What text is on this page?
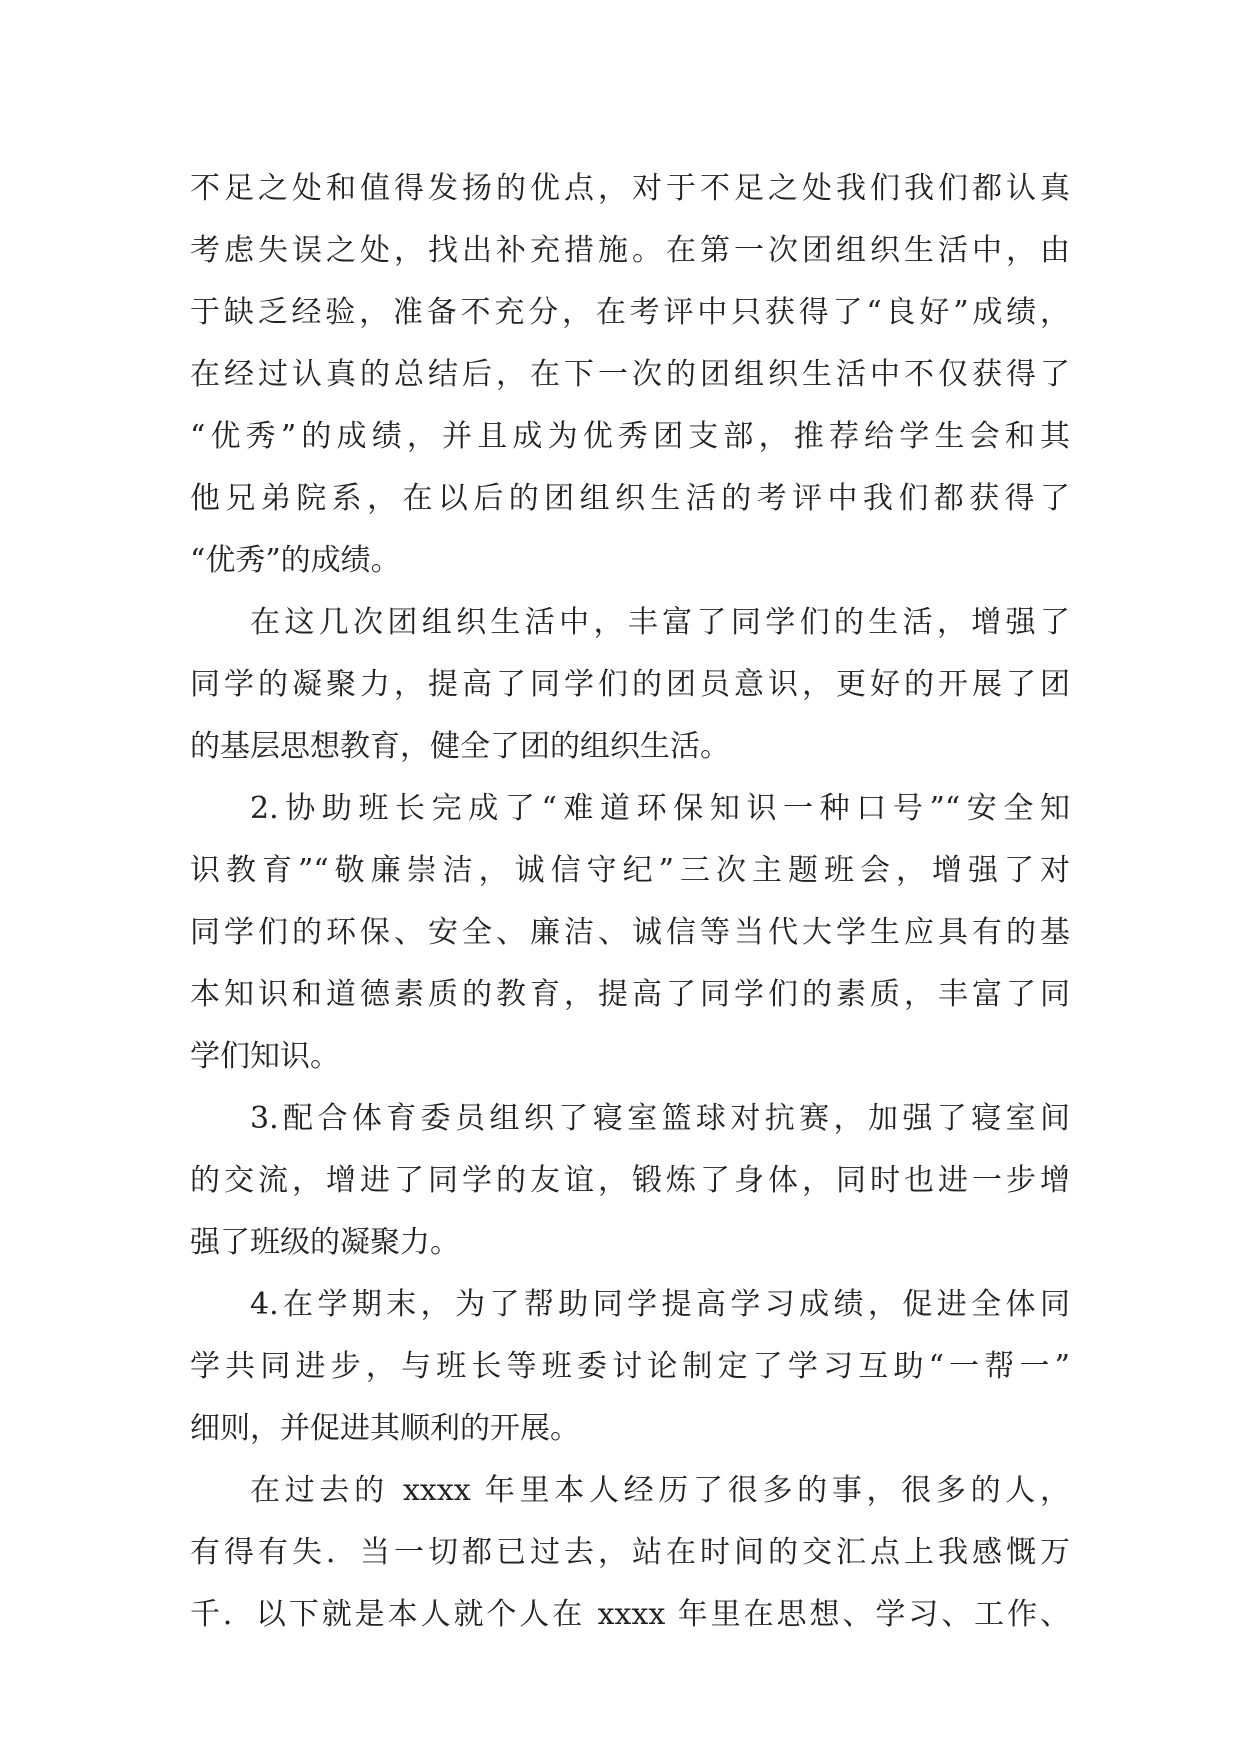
不足之处和值得发扬的优点，对于不足之处我们我们都认真
考虑失误之处，找出补充措施。在第一次团组织生活中，由
于缺乏经验，准备不充分，在考评中只获得了“良好”成绩，
在经过认真的总结后，在下一次的团组织生活中不仅获得了
“优秀”的成绩，并且成为优秀团支部，推荐给学生会和其
他兄弟院系，在以后的团组织生活的考评中我们都获得了
“优秀”的成绩。
在这几次团组织生活中，丰富了同学们的生活，增强了
同学的凝聚力，提高了同学们的团员意识，更好的开展了团
的基层思想教育，健全了团的组织生活。
2.协助班长完成了“难道环保知识一种口号”“安全知
识教育”“敬廉崇洁，诚信守纪”三次主题班会，增强了对
同学们的环保、安全、廉洁、诚信等当代大学生应具有的基
本知识和道德素质的教育，提高了同学们的素质，丰富了同
学们知识。
3.配合体育委员组织了寝室篮球对抗赛，加强了寝室间
的交流，增进了同学的友谊，锻炼了身体，同时也进一步增
强了班级的凝聚力。
4.在学期末，为了帮助同学提高学习成绩，促进全体同
学共同进步，与班长等班委讨论制定了学习互助“一帮一”
细则，并促进其顺利的开展。
在过去的 xxxx 年里本人经历了很多的事，很多的人，
有得有失．当一切都已过去，站在时间的交汇点上我感慨万
千．以下就是本人就个人在 xxxx 年里在思想、学习、工作、
